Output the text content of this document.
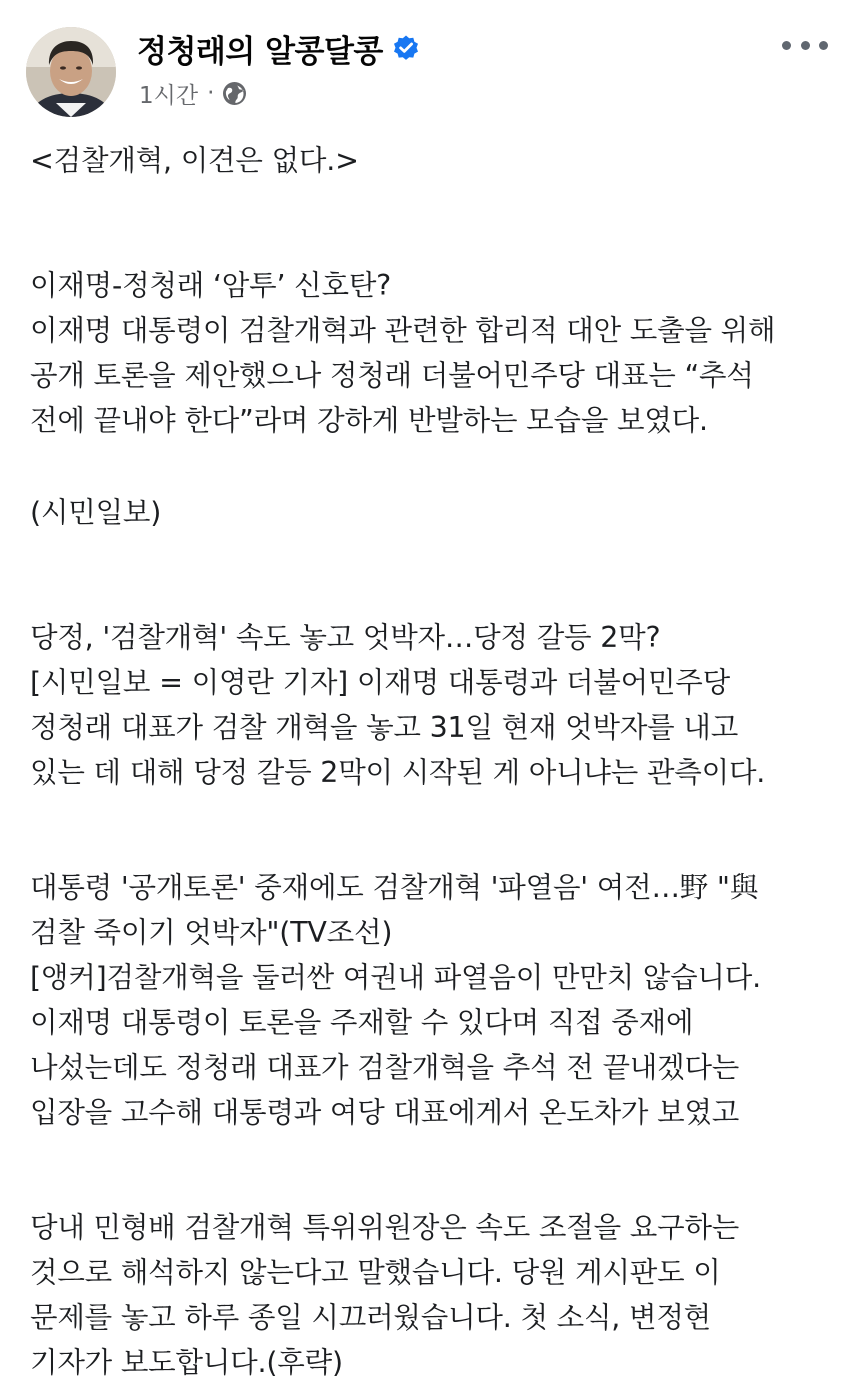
정청래의 알콩달콩
1시간 ·
<검찰개혁, 이견은 없다.>
이재명-정청래 ‘암투’ 신호탄?
이재명 대통령이 검찰개혁과 관련한 합리적 대안 도출을 위해
공개 토론을 제안했으나 정청래 더불어민주당 대표는 “추석
전에 끝내야 한다”라며 강하게 반발하는 모습을 보였다.
(시민일보)
당정, '검찰개혁' 속도 놓고 엇박자…당정 갈등 2막?
[시민일보 = 이영란 기자] 이재명 대통령과 더불어민주당
정청래 대표가 검찰 개혁을 놓고 31일 현재 엇박자를 내고
있는 데 대해 당정 갈등 2막이 시작된 게 아니냐는 관측이다.
대통령 '공개토론' 중재에도 검찰개혁 '파열음' 여전…野 "與
검찰 죽이기 엇박자"(TV조선)
[앵커]검찰개혁을 둘러싼 여권내 파열음이 만만치 않습니다.
이재명 대통령이 토론을 주재할 수 있다며 직접 중재에
나섰는데도 정청래 대표가 검찰개혁을 추석 전 끝내겠다는
입장을 고수해 대통령과 여당 대표에게서 온도차가 보였고
당내 민형배 검찰개혁 특위위원장은 속도 조절을 요구하는
것으로 해석하지 않는다고 말했습니다. 당원 게시판도 이
문제를 놓고 하루 종일 시끄러웠습니다. 첫 소식, 변정현
기자가 보도합니다.(후략)
